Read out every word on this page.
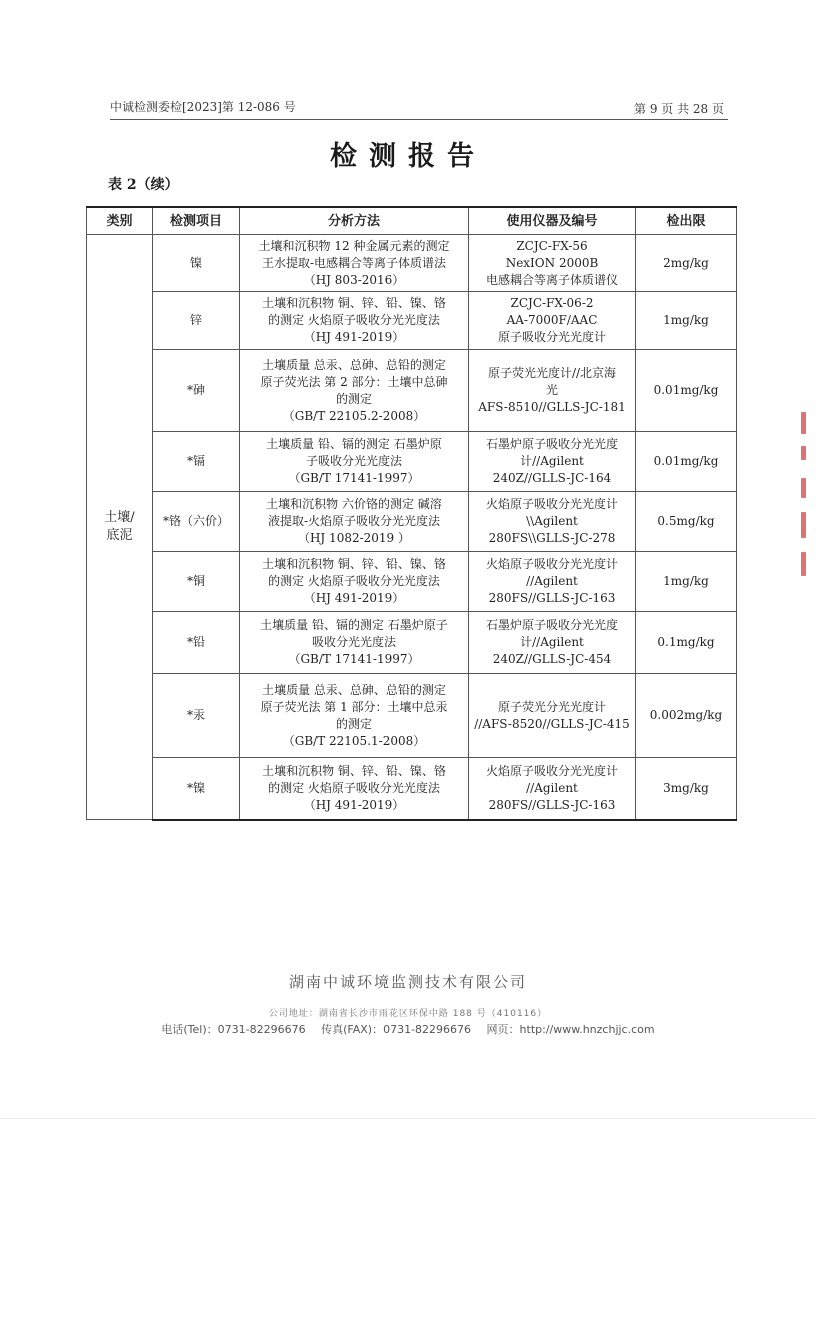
中诚检测委检[2023]第 12-086 号	第 9 页 共 28 页
检测报告
表 2（续）
类别	检测项目	分析方法	使用仪器及编号	检出限
土壤/
底泥	镍	土壤和沉积物 12 种金属元素的测定
王水提取-电感耦合等离子体质谱法
（HJ 803-2016）	ZCJC-FX-56
NexION 2000B
电感耦合等离子体质谱仪	2mg/kg
	锌	土壤和沉积物 铜、锌、铅、镍、铬
的测定 火焰原子吸收分光光度法
（HJ 491-2019）	ZCJC-FX-06-2
AA-7000F/AAC
原子吸收分光光度计	1mg/kg
	*砷	土壤质量 总汞、总砷、总铅的测定
原子荧光法 第 2 部分：土壤中总砷
的测定
（GB/T 22105.2-2008）	原子荧光光度计//北京海
光
AFS-8510//GLLS-JC-181	0.01mg/kg
	*镉	土壤质量 铅、镉的测定 石墨炉原
子吸收分光光度法
（GB/T 17141-1997）	石墨炉原子吸收分光光度
计//Agilent
240Z//GLLS-JC-164	0.01mg/kg
	*铬（六价）	土壤和沉积物 六价铬的测定 碱溶
液提取-火焰原子吸收分光光度法
（HJ 1082-2019 ）	火焰原子吸收分光光度计
\\Agilent
280FS\\GLLS-JC-278	0.5mg/kg
	*铜	土壤和沉积物 铜、锌、铅、镍、铬
的测定 火焰原子吸收分光光度法
（HJ 491-2019）	火焰原子吸收分光光度计
//Agilent
280FS//GLLS-JC-163	1mg/kg
	*铅	土壤质量 铅、镉的测定 石墨炉原子
吸收分光光度法
（GB/T 17141-1997）	石墨炉原子吸收分光光度
计//Agilent
240Z//GLLS-JC-454	0.1mg/kg
	*汞	土壤质量 总汞、总砷、总铅的测定
原子荧光法 第 1 部分：土壤中总汞
的测定
（GB/T 22105.1-2008）	原子荧光分光光度计
//AFS-8520//GLLS-JC-415	0.002mg/kg
	*镍	土壤和沉积物 铜、锌、铅、镍、铬
的测定 火焰原子吸收分光光度法
（HJ 491-2019）	火焰原子吸收分光光度计
//Agilent
280FS//GLLS-JC-163	3mg/kg
湖南中诚环境监测技术有限公司
公司地址：湖南省长沙市雨花区环保中路 188 号（410116）
电话(Tel)：0731-82296676 传真(FAX)：0731-82296676 网页：http://www.hnzchjjc.com
